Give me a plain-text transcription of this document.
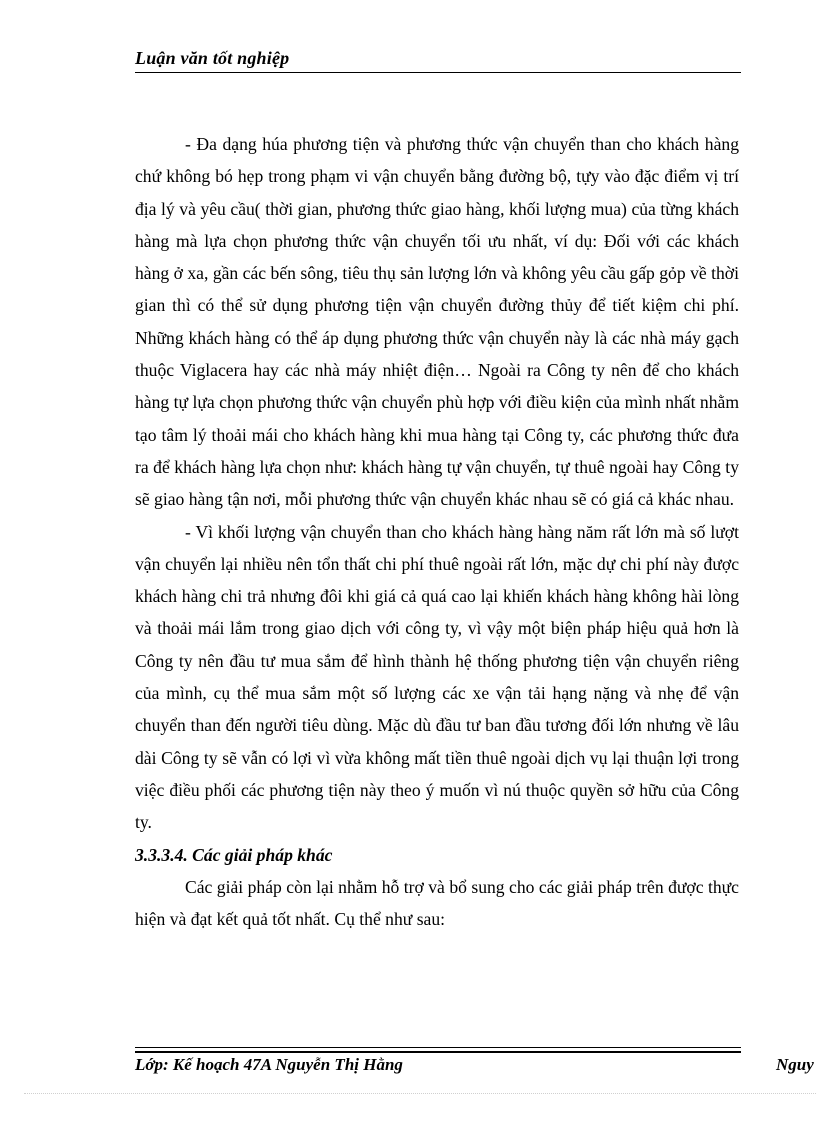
Luận văn tốt nghiệp

- Đa dạng húa phương tiện và phương thức vận chuyển than cho khách hàng chứ không bó hẹp trong phạm vi vận chuyển bằng đường bộ, tựy vào đặc điểm vị trí địa lý và yêu cầu( thời gian, phương thức giao hàng, khối lượng mua) của từng khách hàng mà lựa chọn phương thức vận chuyển tối ưu nhất, ví dụ: Đối với các khách hàng ở xa, gần các bến sông, tiêu thụ sản lượng lớn và không yêu cầu gấp gỏp về thời gian thì có thể sử dụng phương tiện vận chuyển đường thủy để tiết kiệm chi phí. Những khách hàng có thể áp dụng phương thức vận chuyển này là các nhà máy gạch thuộc Viglacera hay các nhà máy nhiệt điện… Ngoài ra Công ty nên để cho khách hàng tự lựa chọn phương thức vận chuyển phù hợp với điều kiện của mình nhất nhằm tạo tâm lý thoải mái cho khách hàng khi mua hàng tại Công ty, các phương thức đưa ra để khách hàng lựa chọn như: khách hàng tự vận chuyển, tự thuê ngoài hay Công ty sẽ giao hàng tận nơi, mỗi phương thức vận chuyển khác nhau sẽ có giá cả khác nhau.

- Vì khối lượng vận chuyển than cho khách hàng hàng năm rất lớn mà số lượt vận chuyển lại nhiều nên tổn thất chi phí thuê ngoài rất lớn, mặc dự chi phí này được khách hàng chi trả nhưng đôi khi giá cả quá cao lại khiến khách hàng không hài lòng và thoải mái lắm trong giao dịch với công ty, vì vậy một biện pháp hiệu quả hơn là Công ty nên đầu tư mua sắm để hình thành hệ thống phương tiện vận chuyển riêng của mình, cụ thể mua sắm một số lượng các xe vận tải hạng nặng và nhẹ để vận chuyển than đến người tiêu dùng. Mặc dù đầu tư ban đầu tương đối lớn nhưng về lâu dài Công ty sẽ vẫn có lợi vì vừa không mất tiền thuê ngoài dịch vụ lại thuận lợi trong việc điều phối các phương tiện này theo ý muốn vì nú thuộc quyền sở hữu của Công ty.

3.3.3.4. Các giải pháp khác

Các giải pháp còn lại nhằm hỗ trợ và bổ sung cho các giải pháp trên được thực hiện và đạt kết quả tốt nhất. Cụ thể như sau:

Lớp: Kế hoạch 47A Nguyễn Thị Hằng	Nguy
